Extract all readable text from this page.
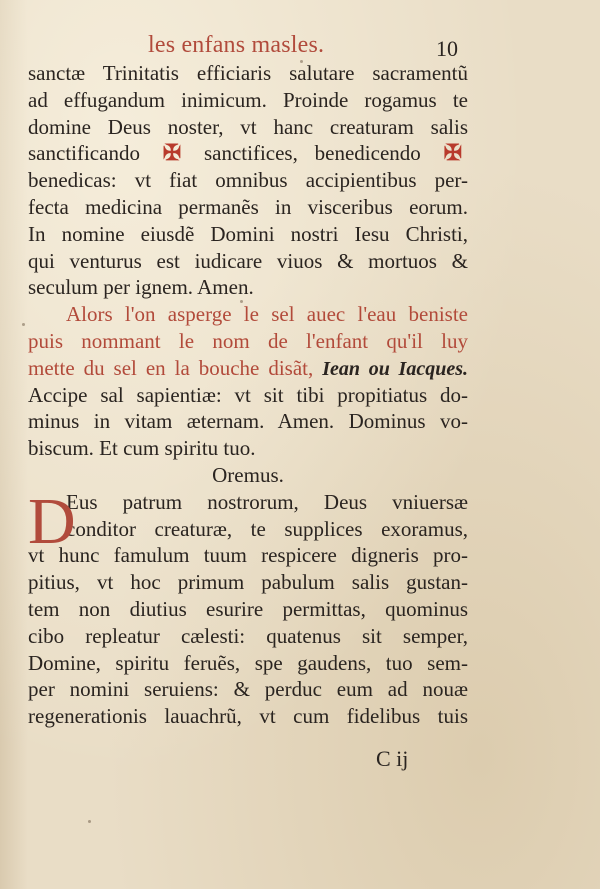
les enfans masles.	10
sanctæ Trinitatis efficiaris salutare sacramentũ
ad effugandum inimicum. Proinde rogamus te
domine Deus noster, vt hanc creaturam salis
sanctificando ✠ sanctifices, benedicendo ✠
benedicas: vt fiat omnibus accipientibus per-
fecta medicina permanẽs in visceribus eorum.
In nomine eiusdẽ Domini nostri Iesu Christi,
qui venturus est iudicare viuos & mortuos &
seculum per ignem. Amen.
Alors l'on asperge le sel auec l'eau beniste
puis nommant le nom de l'enfant qu'il luy
mette du sel en la bouche disãt, Iean ou Iacques.
Accipe sal sapientiæ: vt sit tibi propitiatus do-
minus in vitam æternam. Amen. Dominus vo-
biscum. Et cum spiritu tuo.
Oremus.
Eus patrum nostrorum, Deus vniuersæ
conditor creaturæ, te supplices exoramus,
vt hunc famulum tuum respicere digneris pro-
pitius, vt hoc primum pabulum salis gustan-
tem non diutius esurire permittas, quominus
cibo repleatur cælesti: quatenus sit semper,
Domine, spiritu feruẽs, spe gaudens, tuo sem-
per nomini seruiens: & perduc eum ad nouæ
regenerationis lauachrũ, vt cum fidelibus tuis
D
C ij
